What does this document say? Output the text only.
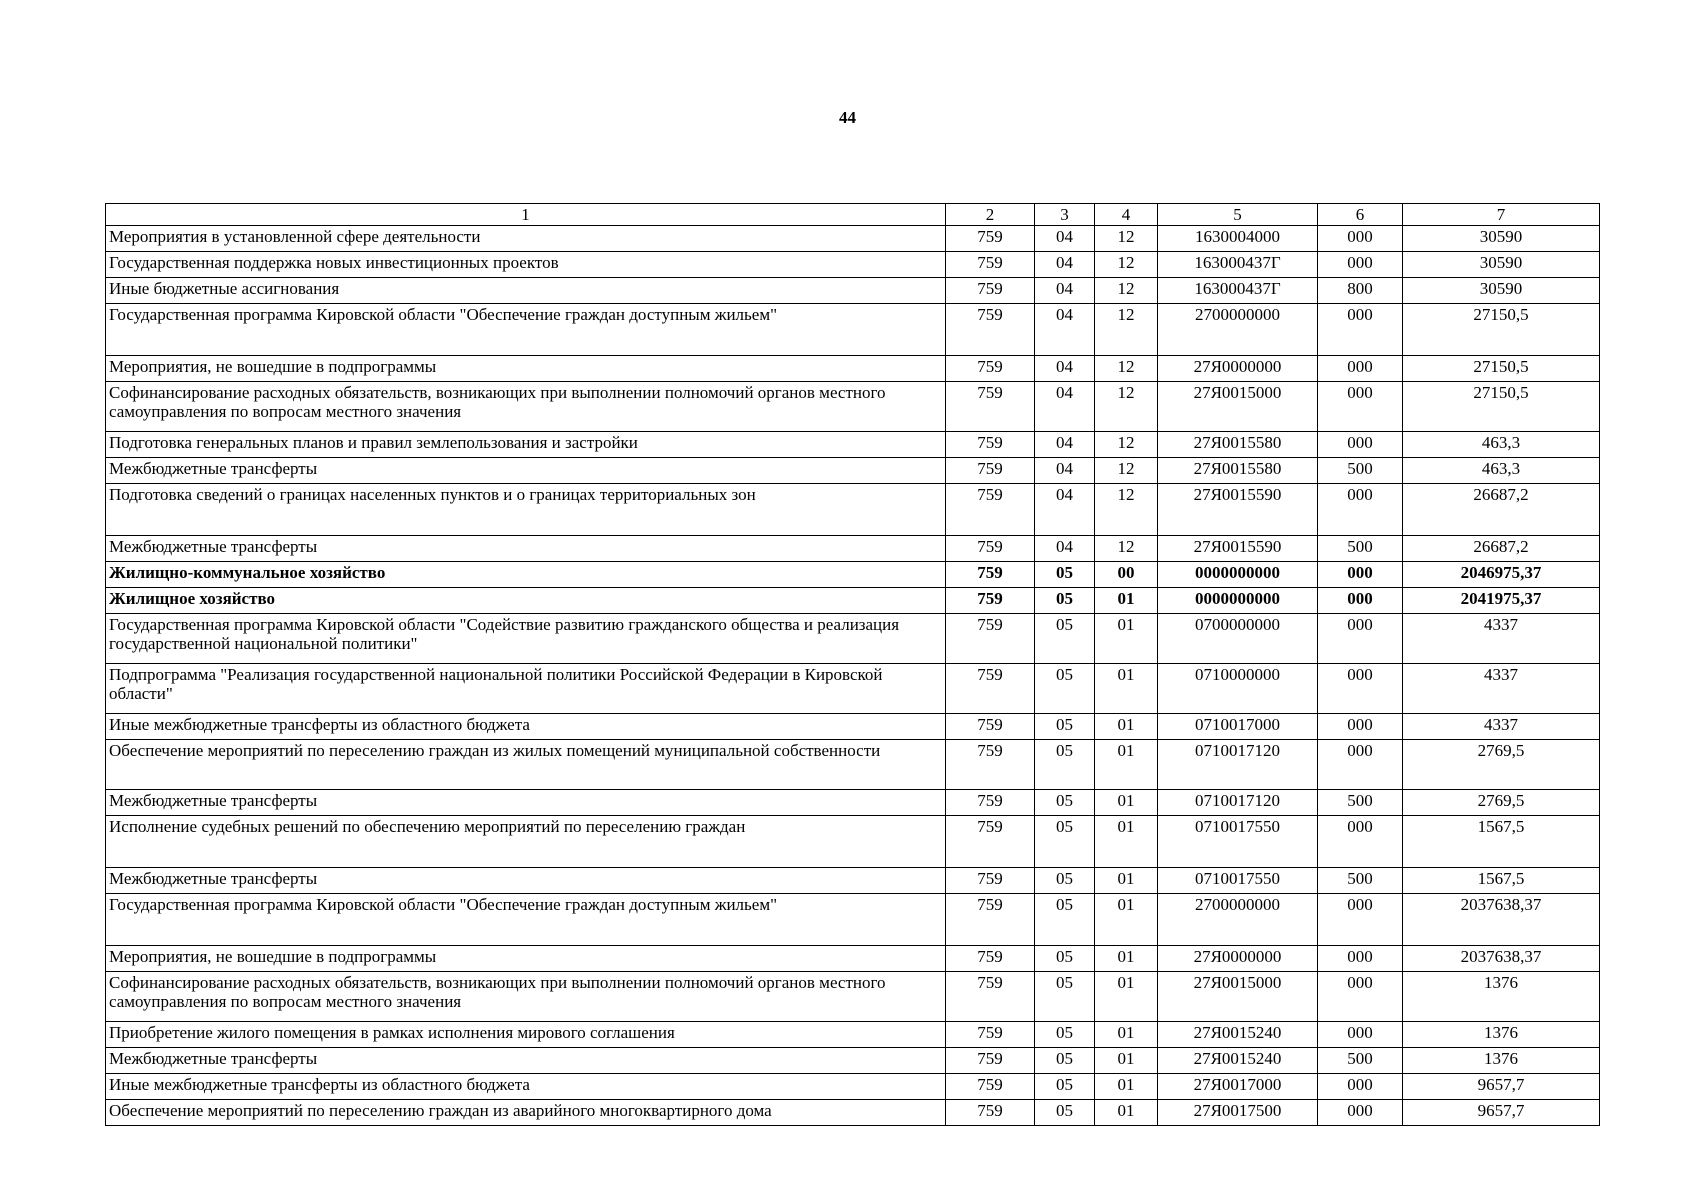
44
1	2	3	4	5	6	7
Мероприятия в установленной сфере деятельности	759	04	12	1630004000	000	30590
Государственная поддержка новых инвестиционных проектов	759	04	12	163000437Г	000	30590
Иные бюджетные ассигнования	759	04	12	163000437Г	800	30590
Государственная программа Кировской области "Обеспечение граждан доступным жильем"	759	04	12	2700000000	000	27150,5
Мероприятия, не вошедшие в подпрограммы	759	04	12	27Я0000000	000	27150,5
Софинансирование расходных обязательств, возникающих при выполнении полномочий органов местного самоуправления по вопросам местного значения	759	04	12	27Я0015000	000	27150,5
Подготовка генеральных планов и правил землепользования и застройки	759	04	12	27Я0015580	000	463,3
Межбюджетные трансферты	759	04	12	27Я0015580	500	463,3
Подготовка сведений о границах населенных пунктов и о границах территориальных зон	759	04	12	27Я0015590	000	26687,2
Межбюджетные трансферты	759	04	12	27Я0015590	500	26687,2
Жилищно-коммунальное хозяйство	759	05	00	0000000000	000	2046975,37
Жилищное хозяйство	759	05	01	0000000000	000	2041975,37
Государственная программа Кировской области "Содействие развитию гражданского общества и реализация государственной национальной политики"	759	05	01	0700000000	000	4337
Подпрограмма "Реализация государственной национальной политики Российской Федерации в Кировской области"	759	05	01	0710000000	000	4337
Иные межбюджетные трансферты из областного бюджета	759	05	01	0710017000	000	4337
Обеспечение мероприятий по переселению граждан из жилых помещений муниципальной собственности	759	05	01	0710017120	000	2769,5
Межбюджетные трансферты	759	05	01	0710017120	500	2769,5
Исполнение судебных решений по обеспечению мероприятий по переселению граждан	759	05	01	0710017550	000	1567,5
Межбюджетные трансферты	759	05	01	0710017550	500	1567,5
Государственная программа Кировской области "Обеспечение граждан доступным жильем"	759	05	01	2700000000	000	2037638,37
Мероприятия, не вошедшие в подпрограммы	759	05	01	27Я0000000	000	2037638,37
Софинансирование расходных обязательств, возникающих при выполнении полномочий органов местного самоуправления по вопросам местного значения	759	05	01	27Я0015000	000	1376
Приобретение жилого помещения в рамках исполнения мирового соглашения	759	05	01	27Я0015240	000	1376
Межбюджетные трансферты	759	05	01	27Я0015240	500	1376
Иные межбюджетные трансферты из областного бюджета	759	05	01	27Я0017000	000	9657,7
Обеспечение мероприятий по переселению граждан из аварийного многоквартирного дома	759	05	01	27Я0017500	000	9657,7
